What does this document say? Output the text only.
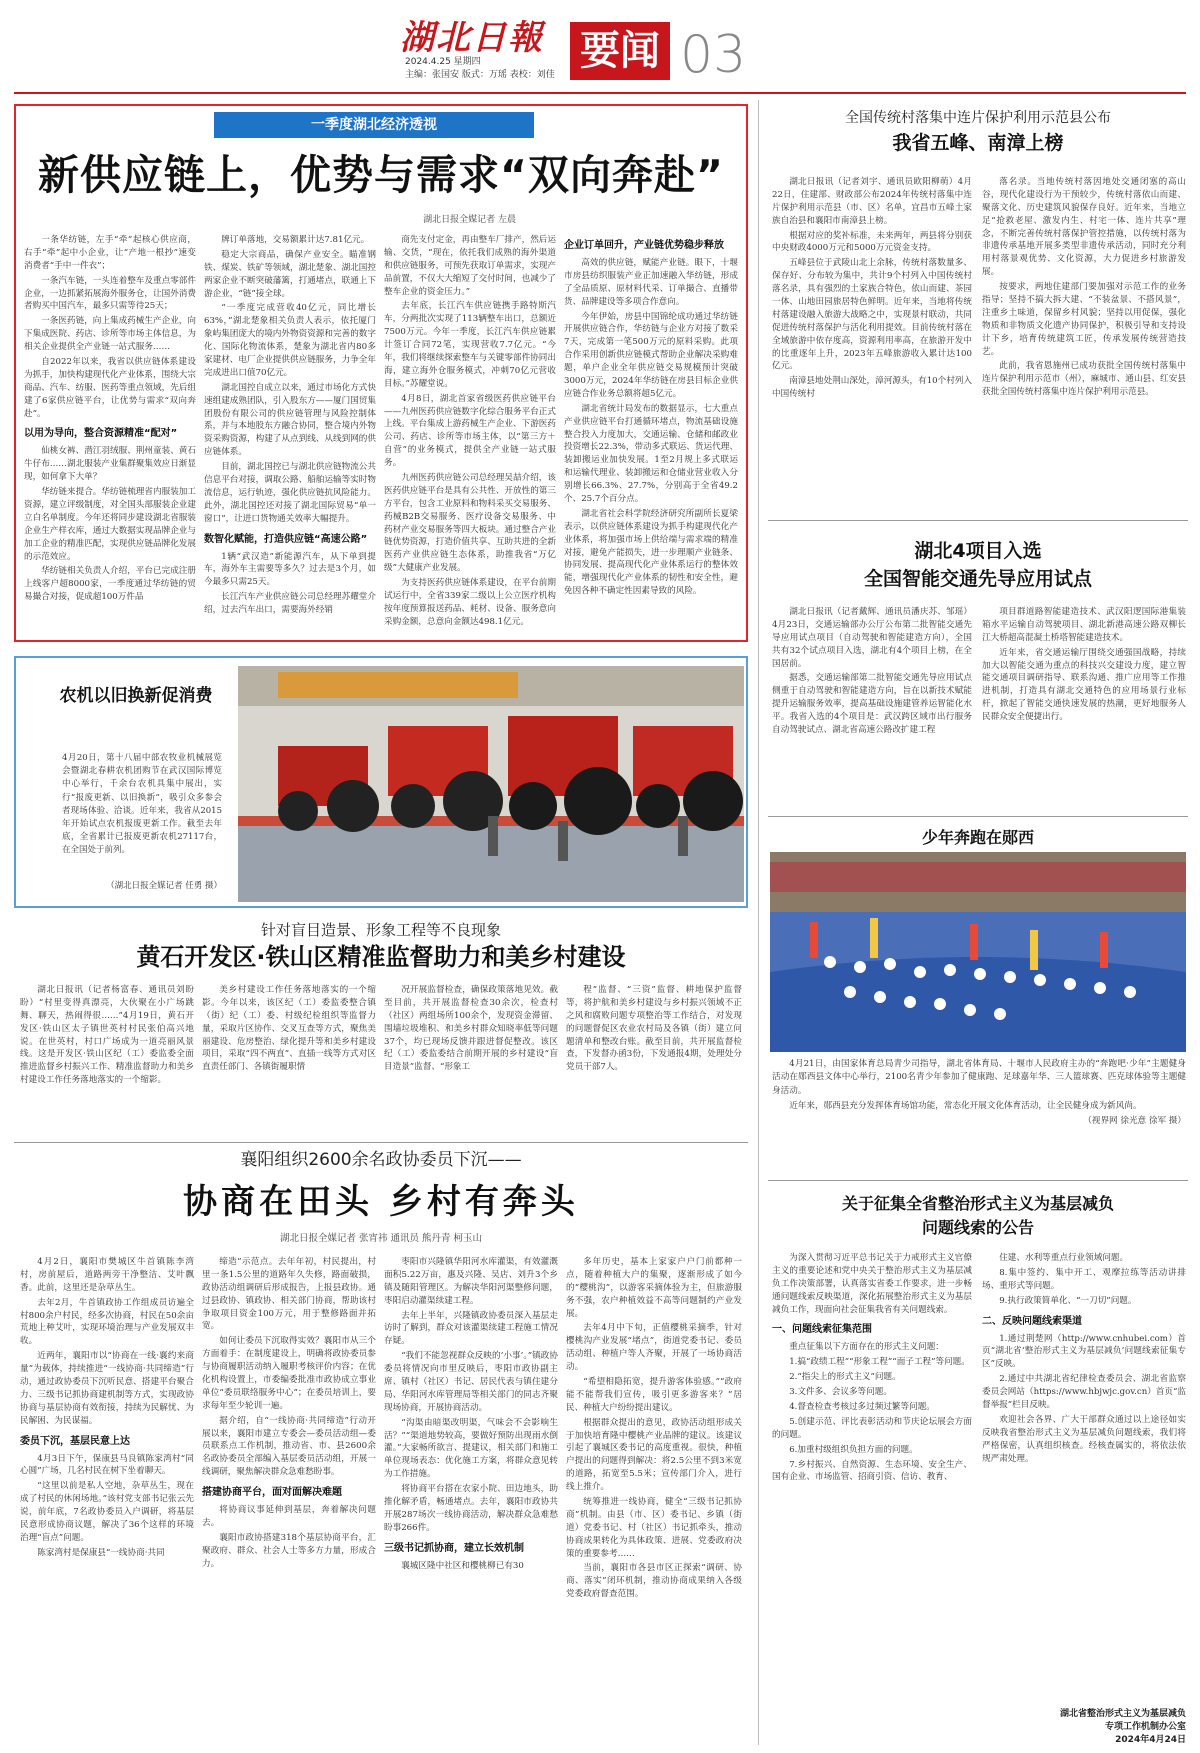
湖北日報
2024.4.25 星期四
主编：张国安 版式：万瑶 表校：刘佳
要闻 03
一季度湖北经济透视
新供应链上，优势与需求“双向奔赴”
湖北日报全媒记者 左晨

一条华纺链，左手“牵”起核心供应商，右手“牵”起中小企业，让“产地一根抄”速变消费者“手中一件衣”；

一条汽车链，一头连着整车及重点零部件企业，一边抓紧拓展海外服务仓，让国外消费者购买中国汽车，最多只需等待25天；

一条医药链，向上集成药械生产企业，向下集成医院、药店、诊所等市场主体信息，为相关企业提供全产业链一站式服务……

自2022年以来，我省以供应链体系建设为抓手，加快构建现代化产业体系，围绕大宗商品、汽车、纺服、医药等重点领域，先后组建了6家供应链平台，让优势与需求“双向奔赴”。

以用为导向，整合资源精准“配对”

仙桃女裤、潜江羽绒服、荆州童装、黄石牛仔布……湖北服装产业集群聚集效应日渐显现，如何拿下大单？

华纺链来提合。华纺链梳理省内服装加工资源，建立评级制度，对全国头部服装企业建立白名单制度。今年还将同步建设湖北省服装企业生产样衣库，通过大数据实现品牌企业与加工企业的精准匹配，实现供应链品牌化发展的示范效应。

华纺链相关负责人介绍，平台已完成注册上线客户超8000家，一季度通过华纺链的贸易撮合对接，促成超100万件品

牌订单落地，交易额累计达7.81亿元。

稳定大宗商品，确保产业安全。瞄准钢铁、煤炭、铁矿等领域，湖北楚象、湖北国控两家企业不断突破藩篱，打通堵点，联通上下游企业，“链”接全球。

“一季度完成营收40亿元，同比增长63%，”湖北楚象相关负责人表示，依托厦门象屿集团庞大的境内外物资资源和完善的数字化、国际化物流体系，楚象为湖北省内80多家建材、电厂企业提供供应链服务，力争全年完成进出口值70亿元。

湖北国控自成立以来，通过市场化方式快速组建成熟团队，引入股东方——厦门国贸集团股份有限公司的供应链管理与风险控制体系，并与本地股东方融合协同，整合境内外物资采购资源，构建了从点到线、从线到网的供应链体系。

目前，湖北国控已与湖北供应链物流公共信息平台对接，调取公路、船舶运输等实时物流信息，运行轨迹，强化供应链抗风险能力。此外，湖北国控还对接了湖北国际贸易“单一窗口”，让进口货物通关效率大幅提升。

数智化赋能，打造供应链“高速公路”

1辆“武汉造”新能源汽车，从下单到提车，海外车主需要等多久？过去是3个月，如今最多只需25天。

长江汽车产业供应链公司总经理苏耀堂介绍，过去汽车出口，需要海外经销

商先支付定金，再由整车厂排产，然后运输、交货，“现在，依托我们成熟的海外渠道和供应链服务，可预先获取订单需求，实现产品前置，不仅大大缩短了交付时间，也减少了整车企业的资金压力。”

去年底，长江汽车供应链携手路特斯汽车，分两批次实现了113辆整车出口，总额近7500万元。今年一季度，长江汽车供应链累计签订合同72笔，实现营收7.7亿元。“今年，我们将继续探索整车与关键零部件协同出海，建立海外仓服务模式，冲刺70亿元营收目标。”苏耀堂说。

4月8日，湖北首家省级医药供应链平台——九州医药供应链数字化综合服务平台正式上线。平台集成上游药械生产企业、下游医药公司、药店、诊所等市场主体，以“第三方＋自营”的业务模式，提供全产业链一站式服务。

九州医药供应链公司总经理吴喆介绍，该医药供应链平台是具有公共性、开放性的第三方平台，包含工业原料和物料采买交易服务、药械B2B交易服务、医疗设备交易服务、中药材产业交易服务等四大板块。通过整合产业链优势资源，打造价值共享、互助共进的全新医药产业供应链生态体系，助推我省“万亿级”大健康产业发展。

为支持医药供应链体系建设，在平台前期试运行中，全省339家二级以上公立医疗机构按年度预算报送药品、耗材、设备、服务意向采购金额，总意向金额达498.1亿元。

企业订单回升，产业链优势稳步释放

高效的供应链，赋能产业链。眼下，十堰市房县纺织服装产业正加速融入华纺链，形成了全品质原、原材料代采、订单撮合、直播带货、品牌建设等多项合作意向。

今年伊始，房县中国锦纶成功通过华纺链开展供应链合作，华纺链与企业方对接了数采7天，完成第一笔500万元的原料采购。此项合作采用创新供应链模式帮助企业解决采购难题，单户企业全年供应链交易规模预计突破3000万元，2024年华纺链在房县目标企业供应链合作业务总额将超5亿元。

湖北省统计局发布的数据显示，七大重点产业供应链平台打通循环堵点，物流基础设施整合投入力度加大，交通运输、仓储和邮政业投资增长22.3%，带动多式联运、货运代理、装卸搬运业加快发展。1至2月规上多式联运和运输代理业、装卸搬运和仓储业营业收入分别增长66.3%、27.7%，分别高于全省49.2个、25.7个百分点。

湖北省社会科学院经济研究所副所长夏梁表示，以供应链体系建设为抓手构建现代化产业体系，将加强市场上供给端与需求端的精准对接，避免产能损失，进一步理顺产业链条、协同发展、提高现代化产业体系运行的整体效能，增强现代化产业体系的韧性和安全性，避免因各种不确定性因素导致的风险。

全国传统村落集中连片保护利用示范县公布
我省五峰、南漳上榜

湖北日报讯（记者刘宇、通讯员欧阳柳萌）4月22日，住建部、财政部公布2024年传统村落集中连片保护利用示范县（市、区）名单，宜昌市五峰土家族自治县和襄阳市南漳县上榜。

根据对应的奖补标准，未来两年，两县将分别获中央财政4000万元和5000万元资金支持。

五峰县位于武陵山北上余脉，传统村落数量多、保存好、分布较为集中，共计9个村列入中国传统村落名录，具有强烈的土家族合特色，依山而建、茶园一体、山地田园旅居特色鲜明。近年来，当地将传统村落建设融入旅游大战略之中，实现景村联动，共同促进传统村落保护与活化利用提效。目前传统村落在全域旅游中依存度高，资源利用率高，在旅游开发中的比重逐年上升，2023年五峰旅游收入累计达100亿元。

南漳县地处荆山深处，漳河源头，有10个村列入中国传统村

落名录。当地传统村落因地处交通闭塞的高山谷，现代化建设行为干预较少，传统村落依山而建、聚落文化、历史建筑风貌保存良好。近年来，当地立足“抢救老屋、激发内生、村宅一体、连片共享”理念，不断完善传统村落保护管控措施，以传统村落为非遗传承基地开展多类型非遗传承活动，同时充分利用村落景观优势、文化资源，大力促进乡村旅游发展。

按要求，两地住建部门要加强对示范工作的业务指导；坚持不搞大拆大建、“不装盆景、不搭风景”，注重乡土味道，保留乡村风貌；坚持以用促保，强化物质和非物质文化遗产协同保护，积极引导和支持设计下乡，培育传统建筑工匠，传承发展传统营造技艺。

此前，我省恩施州已成功获批全国传统村落集中连片保护利用示范市（州），麻城市、通山县、红安县获批全国传统村落集中连片保护利用示范县。

湖北4项目入选
全国智能交通先导应用试点

湖北日报讯（记者戴辉、通讯员潘庆苏、邹瑶）4月23日，交通运输部办公厅公布第二批智能交通先导应用试点项目（自动驾驶和智能建造方向），全国共有32个试点项目入选，湖北有4个项目上榜，在全国居前。

据悉，交通运输部第二批智能交通先导应用试点侧重于自动驾驶和智能建造方向，旨在以新技术赋能提升运输服务效率，提高基础设施建管养运智能化水平。我省入选的4个项目是：武汉跨区域市出行服务自动驾驶试点、湖北省高速公路改扩建工程

项目群道路智能建造技术、武汉阳逻国际港集装箱水平运输自动驾驶项目、湖北新港高速公路双柳长江大桥超高混凝土桥塔智能建造技术。

近年来，省交通运输厅围绕交通强国战略，持续加大以智能交通为重点的科技兴交建设力度，建立智能交通项目调研指导、联系沟通、推广应用等工作推进机制，打造具有湖北交通特色的应用场景行业标杆，掀起了智能交通快速发展的热潮，更好地服务人民群众安全便捷出行。

少年奔跑在郧西

4月21日，由国家体育总局青少司指导，湖北省体育局、十堰市人民政府主办的“奔跑吧·少年”主题健身活动在郧西县文体中心举行，2100名青少年参加了健康跑、足球嘉年华、三人篮球赛、匹克球体验等主题健身活动。

近年来，郧西县充分发挥体育场馆功能，常态化开展文化体育活动，让全民健身成为新风尚。

（视界网 徐光意 徐军 摄）
关于征集全省整治形式主义为基层减负
问题线索的公告

为深入贯彻习近平总书记关于力戒形式主义官僚主义的重要论述和党中央关于整治形式主义为基层减负工作决策部署，认真落实省委工作要求，进一步畅通问题线索反映渠道，深化拓展整治形式主义为基层减负工作，现面向社会征集我省有关问题线索。

一、问题线索征集范围

重点征集以下方面存在的形式主义问题：

1.搞“政绩工程”“形象工程”“面子工程”等问题。

2.“指尖上的形式主义”问题。

3.文件多、会议多等问题。

4.督查检查考核过多过频过繁等问题。

5.创建示范、评比表彰活动和节庆论坛展会方面的问题。

6.加重村级组织负担方面的问题。

7.乡村振兴、自然资源、生态环境、安全生产、国有企业、市场监管、招商引资、信访、教育、

住建、水利等重点行业领域问题。

8.集中签约、集中开工、观摩拉练等活动讲排场、重形式等问题。

9.执行政策简单化、“一刀切”问题。

二、反映问题线索渠道

1.通过荆楚网（http://www.cnhubei.com）首页“湖北省‘整治形式主义为基层减负’问题线索征集专区”反映。

2.通过中共湖北省纪律检查委员会、湖北省监察委员会网站（https://www.hbjwjc.gov.cn）首页“监督举报”栏目反映。

欢迎社会各界、广大干部群众通过以上途径如实反映我省整治形式主义为基层减负问题线索，我们将严格保密，认真组织核查。经核查属实的，将依法依规严肃处理。

湖北省整治形式主义为基层减负
专项工作机制办公室
2024年4月24日
农机以旧换新促消费
4月20日，第十八届中部农牧业机械展览会暨湖北春耕农机团购节在武汉国际博览中心举行，千余台农机具集中展出，实行“报废更新、以旧换新”，吸引众多参会者现场体验、洽谈。近年来，我省从2015年开始试点农机报废更新工作。截至去年底，全省累计已报废更新农机27117台，在全国处于前列。
（湖北日报全媒记者 任勇 摄）
针对盲目造景、形象工程等不良现象
黄石开发区·铁山区精准监督助力和美乡村建设

湖北日报讯（记者杨富春、通讯员刘盼盼）“村里变得真漂亮，大伙聚在小广场跳舞、聊天，热闹得很……”4月19日，黄石开发区·铁山区太子镇世英村村民张伯高兴地说。在世英村，村口广场成为一道亮丽风景线。这是开发区·铁山区纪（工）委监委全面推进监督乡村振兴工作、精准监督助力和美乡村建设工作任务落地落实的一个缩影。

美乡村建设工作任务落地落实的一个缩影。今年以来，该区纪（工）委监委整合镇（街）纪（工）委、村级纪检组织等监督力量，采取片区协作、交叉互查等方式，聚焦美丽建设、危房整治、绿化提升等和美乡村建设项目，采取“四不两直”、直插一线等方式对区直责任部门、各镇街履职情

况开展监督检查，确保政策落地见效。截至目前，共开展监督检查30余次，检查村（社区）两组场所100余个，发现资金滞留、围墙垃圾堆积、和美乡村群众知晓率低等问题37个，均已现场反馈并跟进督促整改。该区纪（工）委监委结合前期开展的乡村建设“盲目造景”监督、“形象工

程”监督、“三资”监督、耕地保护监督等，将护航和美乡村建设与乡村振兴领域不正之风和腐败问题专项整治等工作结合，对发现的问题督促区农业农村局及各镇（街）建立问题清单和整改台账。截至目前，共开展监督检查，下发督办函3份，下发通报4期，处理处分党员干部7人。

襄阳组织2600余名政协委员下沉——
协商在田头 乡村有奔头
湖北日报全媒记者 张宵祎 通讯员 熊丹青 柯玉山

4月2日，襄阳市樊城区牛首镇陈李湾村，房前屋后，道路两旁干净整洁、艾叶飘香。此前，这里还是杂草丛生。

去年2月，牛首镇政协工作组成员访遍全村800余户村民，经多次协商，村民在50余亩荒地上种艾叶，实现环境治理与产业发展双丰收。

近两年，襄阳市以“协商在一线·襄约来商量”为载体，持续推进“一线协商·共同缔造”行动，通过政协委员下沉听民意、搭建平台聚合力、三级书记抓协商建机制等方式，实现政协协商与基层协商有效衔接，持续为民解忧、为民解困、为民谋福。

委员下沉，基层民意上达

4月3日下午，保康县马良镇陈家湾村“同心圆”广场，几名村民在树下坐着聊天。

“这里以前是私人空地，杂草丛生，现在成了村民的休闲场地。”该村党支部书记张云先说，前年底，7名政协委员入户调研，将基层民意形成协商议题，解决了36个这样的环境治理“盲点”问题。

陈家湾村是保康县“一线协商·共同

缔造”示范点。去年年初，村民提出，村里一条1.5公里的道路年久失修，路面破损，政协活动组调研后形成报告，上报县政协。通过县政协、镇政协、相关部门协商，帮助该村争取项目资金100万元，用于整修路面并拓宽。

如何让委员下沉取得实效？襄阳市从三个方面着手：在制度建设上，明确将政协委员参与协商履职活动纳入履职考核评价内容；在优化机构设置上，市委编委批准市政协成立事业单位“委员联络服务中心”；在委员培训上，要求每年至少轮训一遍。

据介绍，自“一线协商·共同缔造”行动开展以来，襄阳市建立专委会—委员活动组—委员联系点工作机制，推动省、市、县2600余名政协委员全部编入基层委员活动组，开展一线调研，聚焦解决群众急难愁盼事。

搭建协商平台，面对面解决难题

将协商议事延伸到基层，奔着解决问题去。

襄阳市政协搭建318个基层协商平台，汇聚政府、群众、社会人士等多方力量，形成合力。

枣阳市兴隆镇华阳河水库灌渠，有效灌溉面积5.22万亩，惠及兴隆、吴店、刘升3个乡镇及随阳管理区。为解决华阳河渠整修问题，枣阳启动灌渠续建工程。

去年上半年，兴隆镇政协委员深入基层走访时了解到，群众对该灌渠续建工程施工情况存疑。

“我们不能忽视群众反映的‘小事’。”镇政协委员将情况向市里反映后，枣阳市政协副主席、镇村（社区）书记、居民代表与镇住建分局、华阳河水库管理局等相关部门的同志齐聚现场协商，开展协商活动。

“沟渠由暗渠改明渠，气味会不会影响生活？”“渠道地势较高，要做好预防出现雨水倒灌。”大家畅所欲言、提建议，相关部门和施工单位现场表态：优化施工方案，将群众意见转为工作措施。

将协商平台搭在农家小院、田边地头，助推化解矛盾，畅通堵点。去年，襄阳市政协共开展287场次一线协商活动，解决群众急难愁盼事266件。

三级书记抓协商，建立长效机制

襄城区隆中社区和樱桃柳已有30

多年历史，基本上家家户户门前都种一点，随着种植大户的集聚，逐渐形成了如今的“樱桃沟”，以游客采摘体验为主，但旅游服务不强，农户种植效益不高等问题制约产业发展。

去年4月中下旬，正值樱桃采摘季，针对樱桃沟产业发展“堵点”，街道党委书记、委员活动组、种植户等人齐聚，开展了一场协商活动。

“希望相隐拓宽，提升游客体验感。”“政府能不能帮我们宣传，吸引更多游客来？”居民、种植大户纷纷提出建议。

根据群众提出的意见，政协活动组形成关于加快培育隆中樱桃产业品牌的建议。该建议引起了襄城区委书记的高度重视。很快，种植户提出的问题得到解决：将2.5公里不到3米宽的道路，拓宽至5.5米；宣传部门介入，进行线上推介。

统筹推进一线协商，健全“三级书记抓协商”机制。由县（市、区）委书记、乡镇（街道）党委书记、村（社区）书记抓牵头，推动协商成果转化为具体政策、进展、党委政府决策的重要参考……

当前，襄阳市各县市区正探索“调研、协商、落实”闭环机制，推动协商成果纳入各级党委政府督查范围。
